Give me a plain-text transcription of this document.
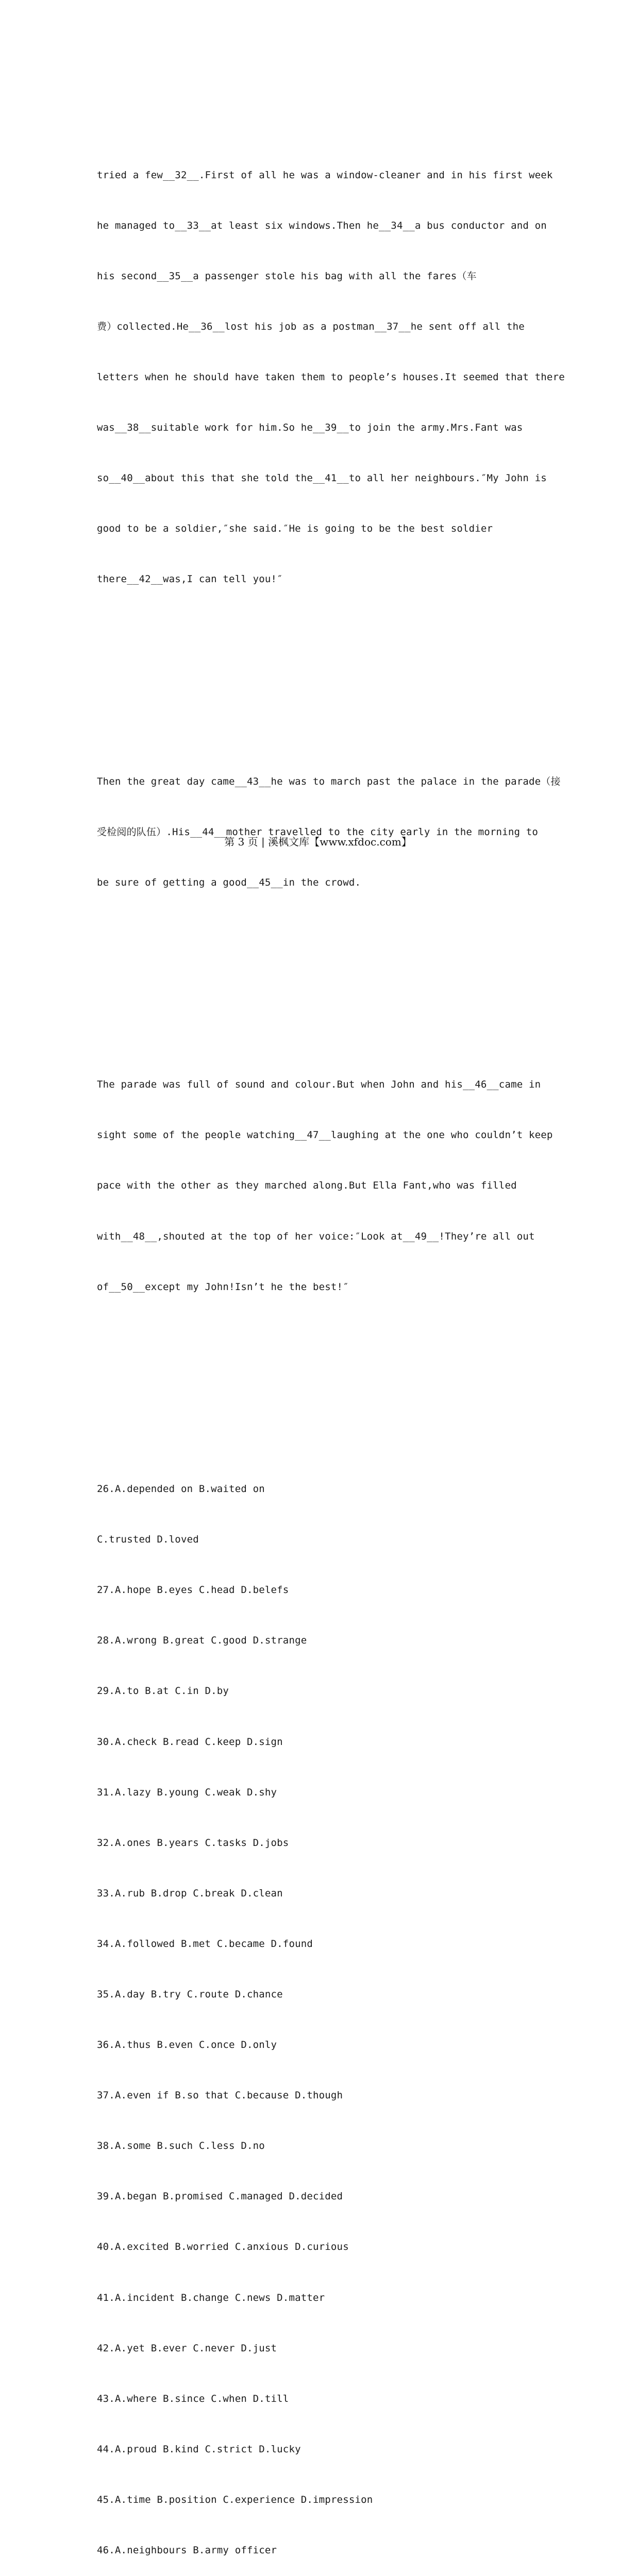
tried a few__32__.First of all he was a window-cleaner and in his first week

he managed to__33__at least six windows.Then he__34__a bus conductor and on

his second__35__a passenger stole his bag with all the fares（车

费）collected.He__36__lost his job as a postman__37__he sent off all the

letters when he should have taken them to people’s houses.It seemed that there

was__38__suitable work for him.So he__39__to join the army.Mrs.Fant was

so__40__about this that she told the__41__to all her neighbours.″My John is

good to be a soldier,″she said.″He is going to be the best soldier

there__42__was,I can tell you!″

Then the great day came__43__he was to march past the palace in the parade（接

受检阅的队伍）.His__44__mother travelled to the city early in the morning to

be sure of getting a good__45__in the crowd.

The parade was full of sound and colour.But when John and his__46__came in

sight some of the people watching__47__laughing at the one who couldn’t keep

pace with the other as they marched along.But Ella Fant,who was filled

with__48__,shouted at the top of her voice:″Look at__49__!They’re all out

of__50__except my John!Isn’t he the best!″

26.A.depended on B.waited on

C.trusted D.loved

27.A.hope B.eyes C.head D.belefs

28.A.wrong B.great C.good D.strange

29.A.to B.at C.in D.by

30.A.check B.read C.keep D.sign

31.A.lazy B.young C.weak D.shy

32.A.ones B.years C.tasks D.jobs

33.A.rub B.drop C.break D.clean

34.A.followed B.met C.became D.found

35.A.day B.try C.route D.chance

36.A.thus B.even C.once D.only

37.A.even if B.so that C.because D.though

38.A.some B.such C.less D.no

39.A.began B.promised C.managed D.decided

40.A.excited B.worried C.anxious D.curious

41.A.incident B.change C.news D.matter

42.A.yet B.ever C.never D.just

43.A.where B.since C.when D.till

44.A.proud B.kind C.strict D.lucky

45.A.time B.position C.experience D.impression

46.A.neighbours B.army officer

第 3 页 | 溪枫文库【www.xfdoc.com】
